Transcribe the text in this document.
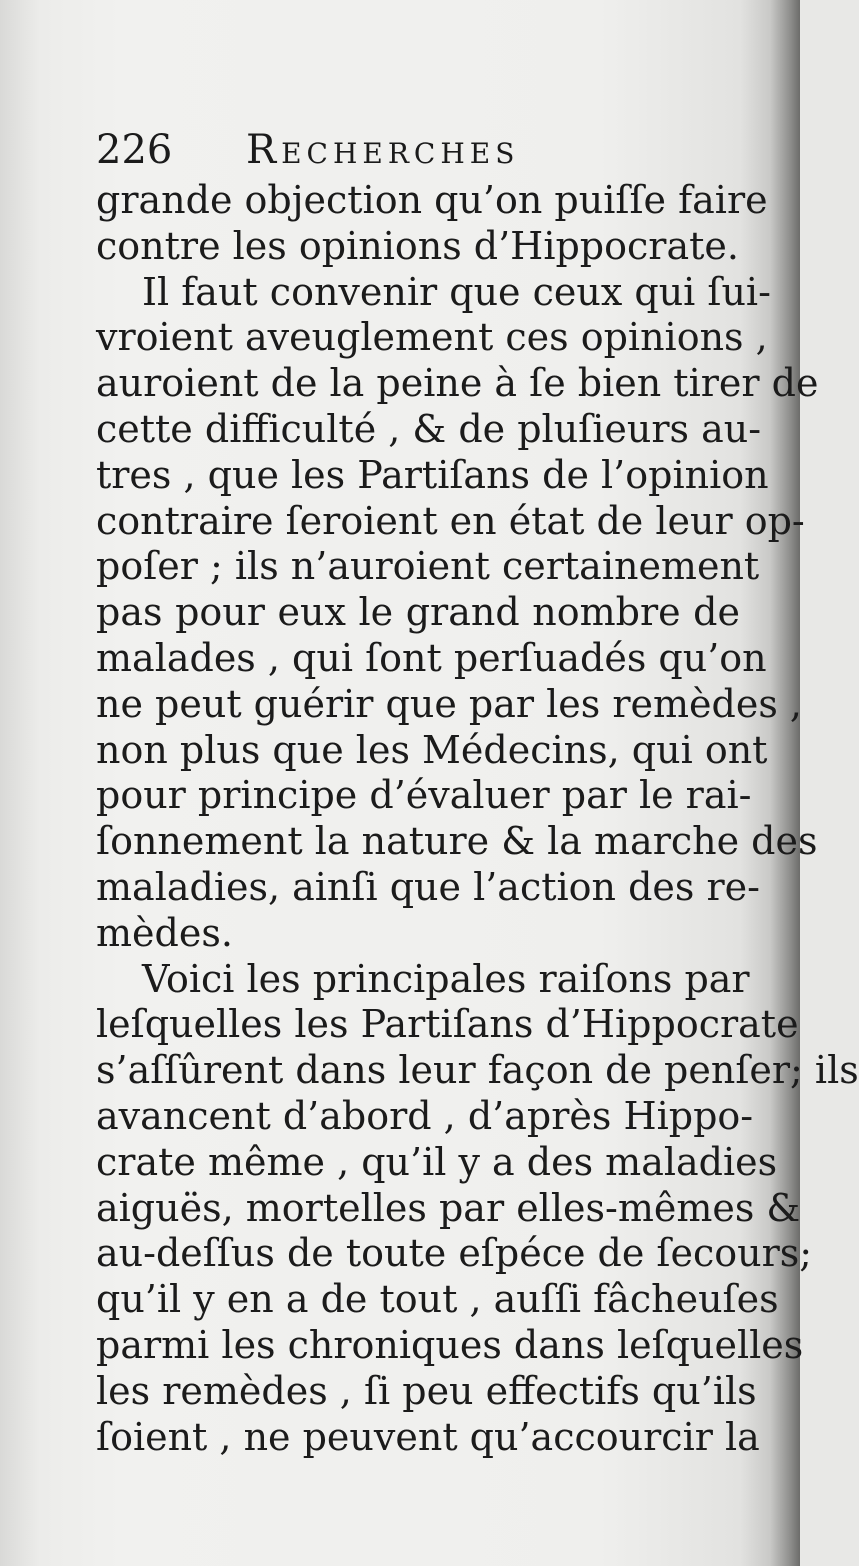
226 Recherches
grande objection qu’on puiſſe faire
contre les opinions d’Hippocrate.
Il faut convenir que ceux qui ſui-
vroient aveuglement ces opinions ,
auroient de la peine à ſe bien tirer de
cette difficulté , & de pluſieurs au-
tres , que les Partiſans de l’opinion
contraire ſeroient en état de leur op-
poſer ; ils n’auroient certainement
pas pour eux le grand nombre de
malades , qui ſont perſuadés qu’on
ne peut guérir que par les remèdes ,
non plus que les Médecins, qui ont
pour principe d’évaluer par le rai-
ſonnement la nature & la marche des
maladies, ainſi que l’action des re-
mèdes.
Voici les principales raiſons par
leſquelles les Partiſans d’Hippocrate
s’aſſûrent dans leur façon de penſer; ils
avancent d’abord , d’après Hippo-
crate même , qu’il y a des maladies
aiguës, mortelles par elles-mêmes &
au-deſſus de toute eſpéce de ſecours;
qu’il y en a de tout , auſſi fâcheuſes
parmi les chroniques dans leſquelles
les remèdes , ſi peu effectifs qu’ils
ſoient , ne peuvent qu’accourcir la
